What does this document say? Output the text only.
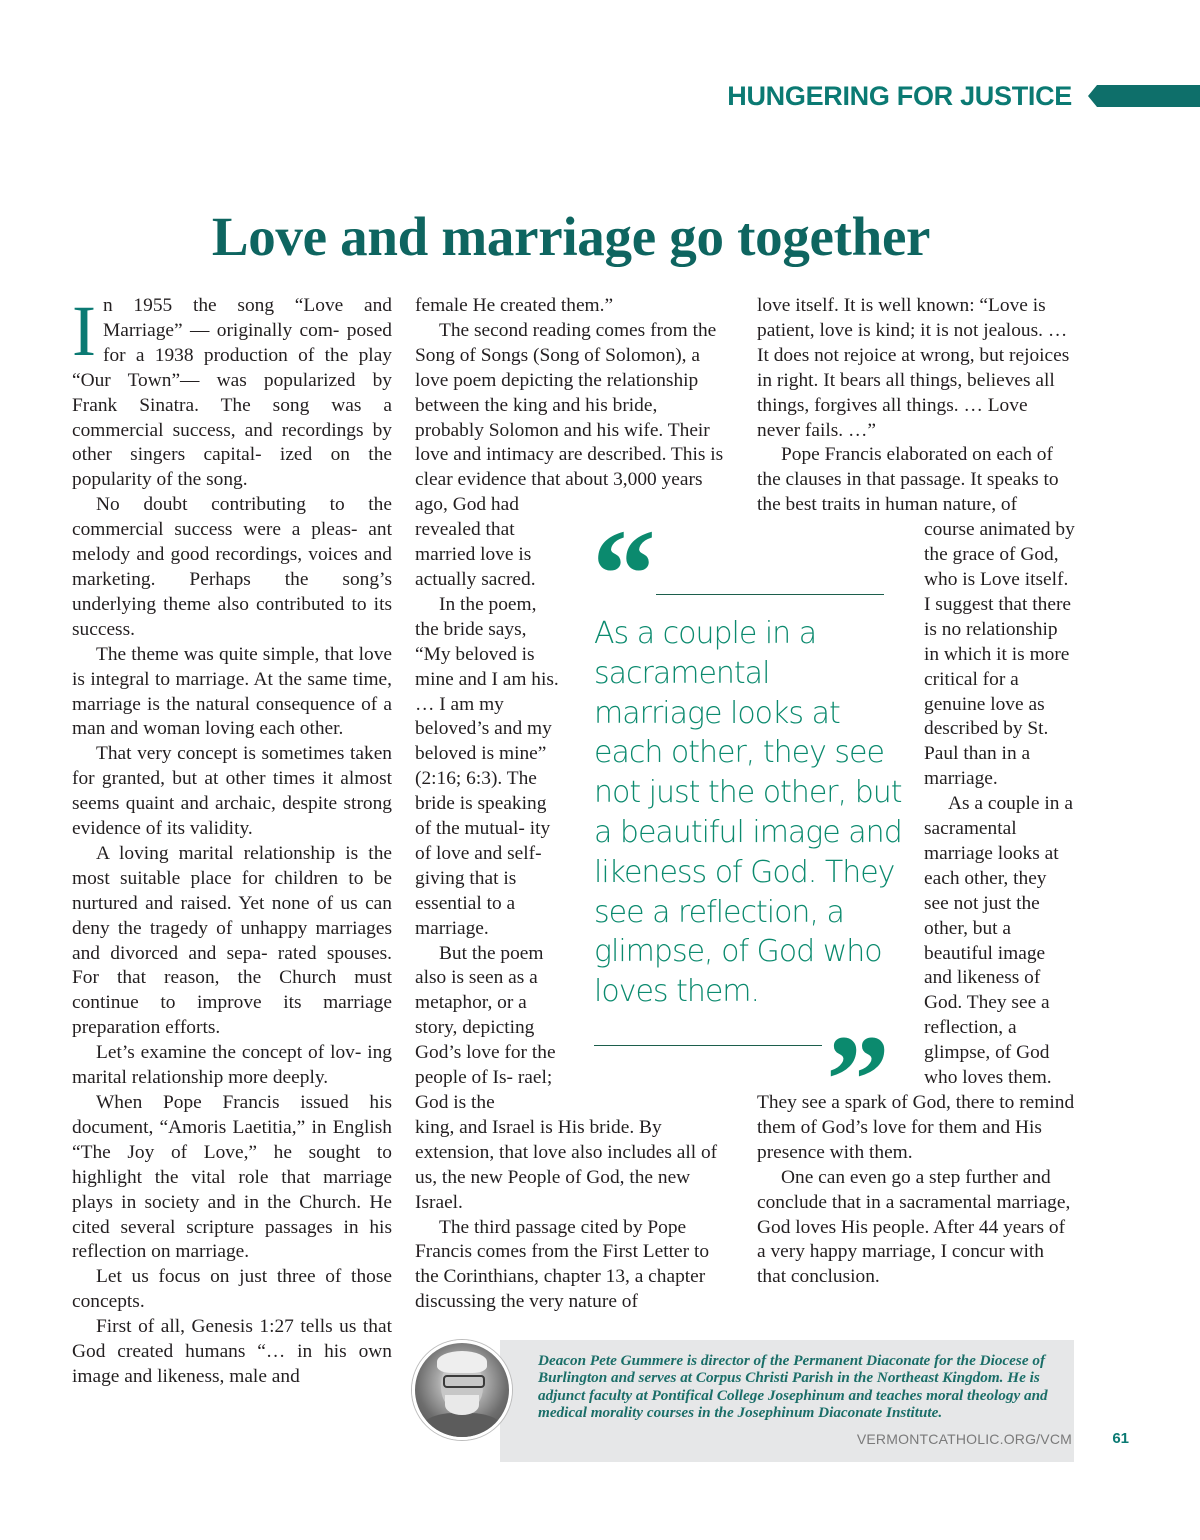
HUNGERING FOR JUSTICE
Love and marriage go together

In 1955 the song “Love and Marriage” — originally com- posed for a 1938 production of the play “Our Town”— was popularized by Frank Sinatra. The song was a commercial success, and recordings by other singers capital- ized on the popularity of the song.

No doubt contributing to the commercial success were a pleas- ant melody and good recordings, voices and marketing. Perhaps the song’s underlying theme also contributed to its success.

The theme was quite simple, that love is integral to marriage. At the same time, marriage is the natural consequence of a man and woman loving each other.

That very concept is sometimes taken for granted, but at other times it almost seems quaint and archaic, despite strong evidence of its validity.

A loving marital relationship is the most suitable place for children to be nurtured and raised. Yet none of us can deny the tragedy of unhappy marriages and divorced and sepa- rated spouses. For that reason, the Church must continue to improve its marriage preparation efforts.

Let’s examine the concept of lov- ing marital relationship more deeply.

When Pope Francis issued his document, “Amoris Laetitia,” in English “The Joy of Love,” he sought to highlight the vital role that marriage plays in society and in the Church. He cited several scripture passages in his reflection on marriage.

Let us focus on just three of those concepts.

First of all, Genesis 1:27 tells us that God created humans “… in his own image and likeness, male and

female He created them.”

The second reading comes from the Song of Songs (Song of Solomon), a love poem depicting the relationship between the king and his bride, probably Solomon and his wife. Their love and intimacy are described. This is clear evidence that about 3,000 years ago, God had

revealed that married love is actually sacred.

In the poem, the bride says, “My beloved is mine and I am his. … I am my beloved’s and my beloved is mine” (2:16; 6:3). The bride is speaking of the mutual- ity of love and self-giving that is essential to a marriage.

But the poem also is seen as a metaphor, or a story, depicting God’s love for the people of Is- rael; God is the

king, and Israel is His bride. By extension, that love also includes all of us, the new People of God, the new Israel.

The third passage cited by Pope Francis comes from the First Letter to the Corinthians, chapter 13, a chapter discussing the very nature of

love itself. It is well known: “Love is patient, love is kind; it is not jealous. … It does not rejoice at wrong, but rejoices in right. It bears all things, believes all things, forgives all things. … Love never fails. …”

Pope Francis elaborated on each of the clauses in that passage. It speaks to the best traits in human nature, of

course animated by the grace of God, who is Love itself. I suggest that there is no relationship in which it is more critical for a genuine love as described by St. Paul than in a marriage.

As a couple in a sacramental marriage looks at each other, they see not just the other, but a beautiful image and likeness of God. They see a reflection, a glimpse, of God who loves them.

They see a spark of God, there to remind them of God’s love for them and His presence with them.

One can even go a step further and conclude that in a sacramental marriage, God loves His people. After 44 years of a very happy marriage, I concur with that conclusion.

“

As a couple in a sacramental marriage looks at each other, they see not just the other, but a beautiful image and likeness of God. They see a reflection, a glimpse, of God who loves them.

”

Deacon Pete Gummere is director of the Permanent Diaconate for the Diocese of Burlington and serves at Corpus Christi Parish in the Northeast Kingdom. He is adjunct faculty at Pontifical College Josephinum and teaches moral theology and medical morality courses in the Josephinum Diaconate Institute.

VERMONTCATHOLIC.ORG/VCM	61
